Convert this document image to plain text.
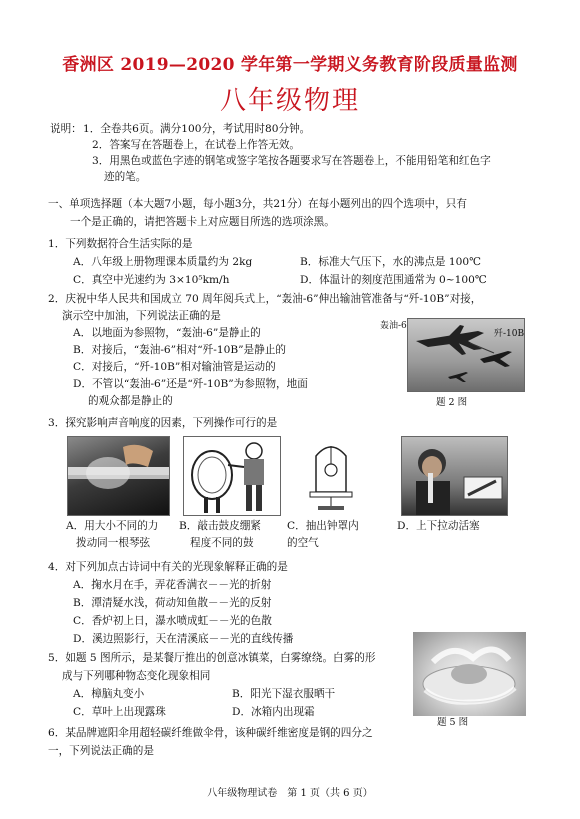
香洲区 2019—2020 学年第一学期义务教育阶段质量监测
八年级物理
说明： 1．全卷共6页。满分100分，考试用时80分钟。
2．答案写在答题卷上，在试卷上作答无效。
3．用黑色或蓝色字迹的钢笔或签字笔按各题要求写在答题卷上，不能用铅笔和红色字
迹的笔。
一、单项选择题（本大题7小题，每小题3分，共21分）在每小题列出的四个选项中，只有
一个是正确的，请把答题卡上对应题目所选的选项涂黑。
1．下列数据符合生活实际的是
A．八年级上册物理课本质量约为 2kg	B．标准大气压下，水的沸点是 100℃
C．真空中光速约为 3×10⁵km/h	D．体温计的刻度范围通常为 0~100℃
2．庆祝中华人民共和国成立 70 周年阅兵式上，“轰油-6”伸出输油管准备与“歼-10B”对接，
演示空中加油，下列说法正确的是
A．以地面为参照物，“轰油-6”是静止的
B．对接后，“轰油-6”相对“歼-10B”是静止的
C．对接后，“歼-10B”相对输油管是运动的
D．不管以“轰油-6”还是“歼-10B”为参照物，地面
的观众都是静止的
轰油-6
歼-10B
题 2 图
3．探究影响声音响度的因素，下列操作可行的是
A．用大小不同的力
拨动同一根琴弦
B．敲击鼓皮绷紧
程度不同的鼓
C．抽出钟罩内
的空气
D．上下拉动活塞
4．对下列加点古诗词中有关的光现象解释正确的是
A．掬水月在手，弄花香满衣－－光的折射
B．潭清疑水浅，荷动知鱼散－－光的反射
C．香炉初上日，瀑水喷成虹－－光的色散
D．溪边照影行，天在清溪底－－光的直线传播
5．如题 5 图所示，是某餐厅推出的创意冰镇菜，白雾缭绕。白雾的形
成与下列哪种物态变化现象相同
A．樟脑丸变小	B．阳光下湿衣服晒干
C．草叶上出现露珠	D．冰箱内出现霜
题 5 图
6．某品牌遮阳伞用超轻碳纤维做伞骨，该种碳纤维密度是钢的四分之
一，下列说法正确的是
八年级物理试卷　第 1 页（共 6 页）
